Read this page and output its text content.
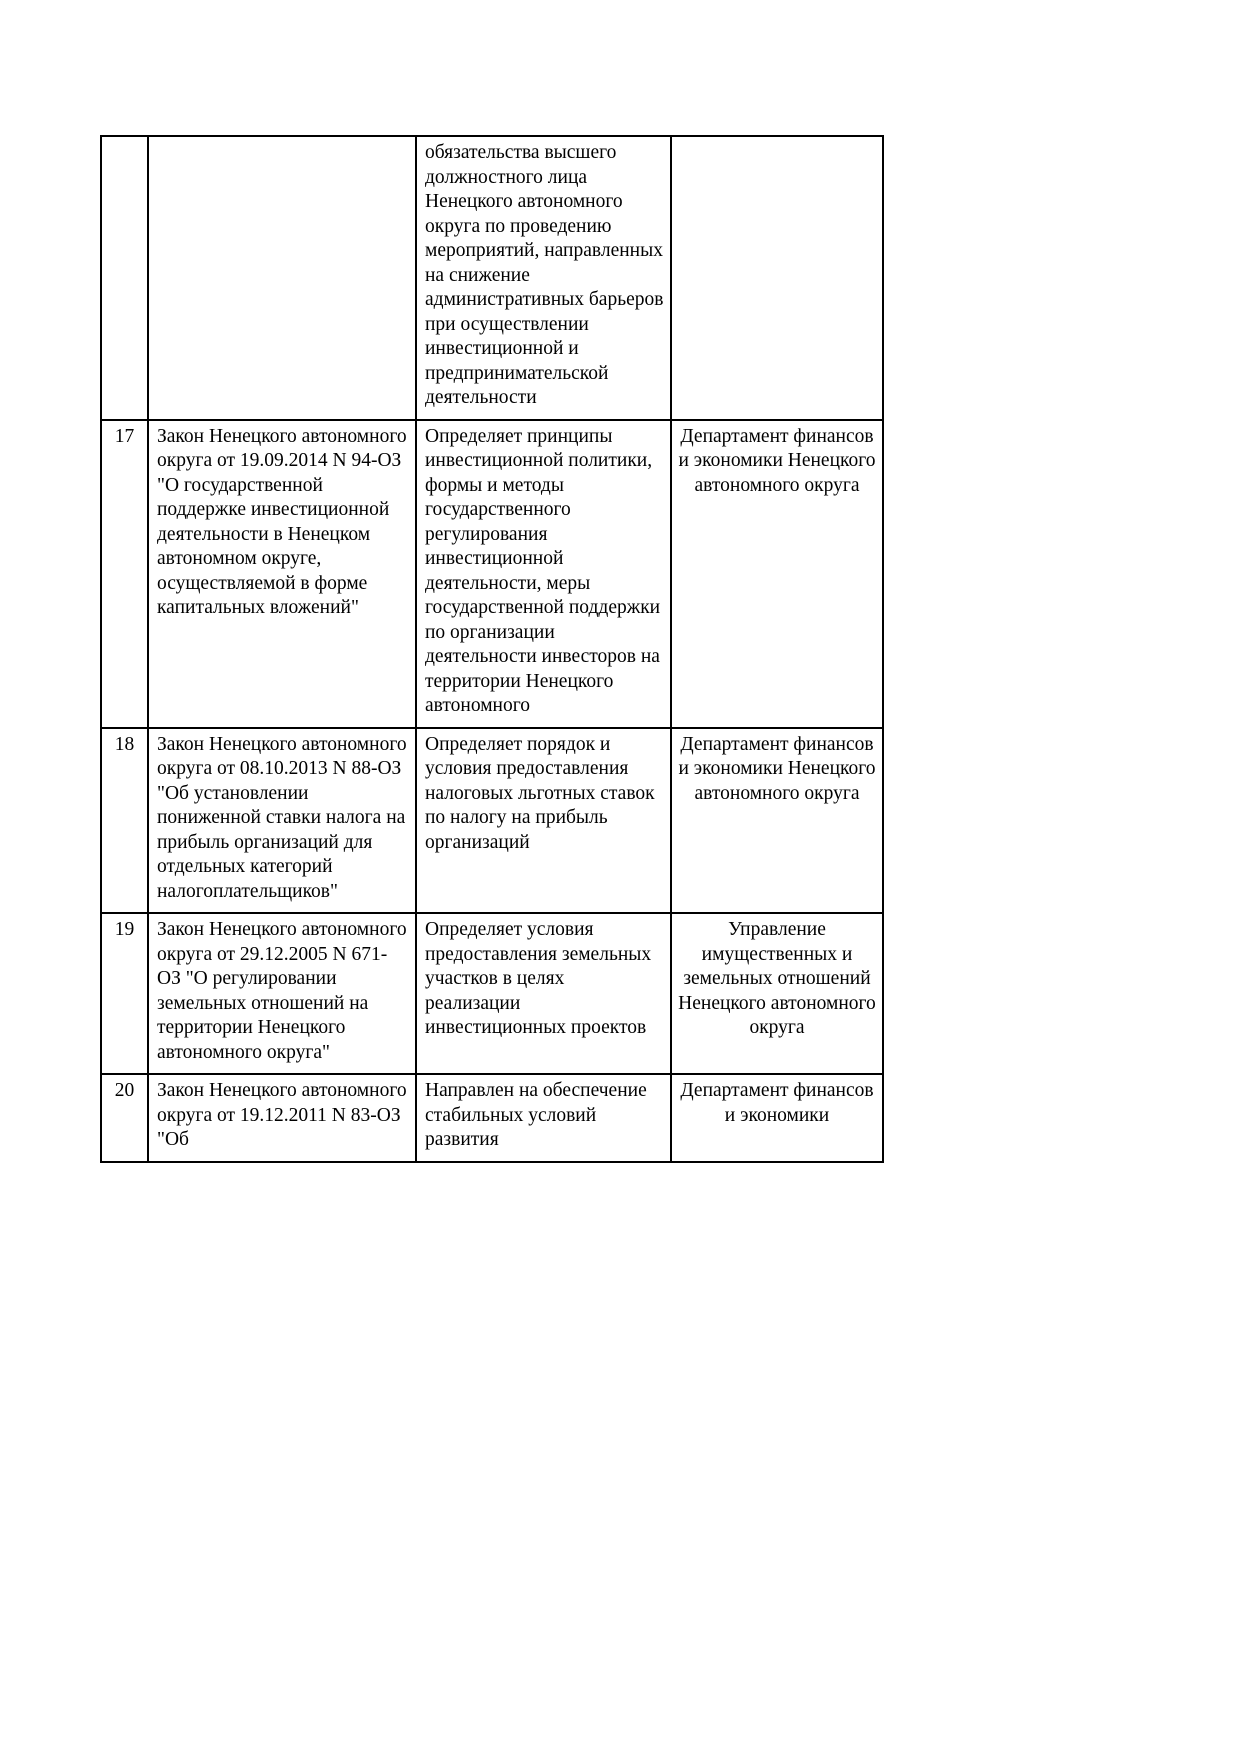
		обязательства высшего должностного лица Ненецкого автономного округа по проведению мероприятий, направленных на снижение административных барьеров при осуществлении инвестиционной и предпринимательской деятельности	
17	Закон Ненецкого автономного округа от 19.09.2014 N 94-ОЗ "О государственной поддержке инвестиционной деятельности в Ненецком автономном округе, осуществляемой в форме капитальных вложений"	Определяет принципы инвестиционной политики, формы и методы государственного регулирования инвестиционной деятельности, меры государственной поддержки по организации деятельности инвесторов на территории Ненецкого автономного	Департамент финансов и экономики Ненецкого автономного округа
18	Закон Ненецкого автономного округа от 08.10.2013 N 88-ОЗ "Об установлении пониженной ставки налога на прибыль организаций для отдельных категорий налогоплательщиков"	Определяет порядок и условия предоставления налоговых льготных ставок по налогу на прибыль организаций	Департамент финансов и экономики Ненецкого автономного округа
19	Закон Ненецкого автономного округа от 29.12.2005 N 671-ОЗ "О регулировании земельных отношений на территории Ненецкого автономного округа"	Определяет условия предоставления земельных участков в целях реализации инвестиционных проектов	Управление имущественных и земельных отношений Ненецкого автономного округа
20	Закон Ненецкого автономного округа от 19.12.2011 N 83-ОЗ "Об	Направлен на обеспечение стабильных условий развития	Департамент финансов и экономики
